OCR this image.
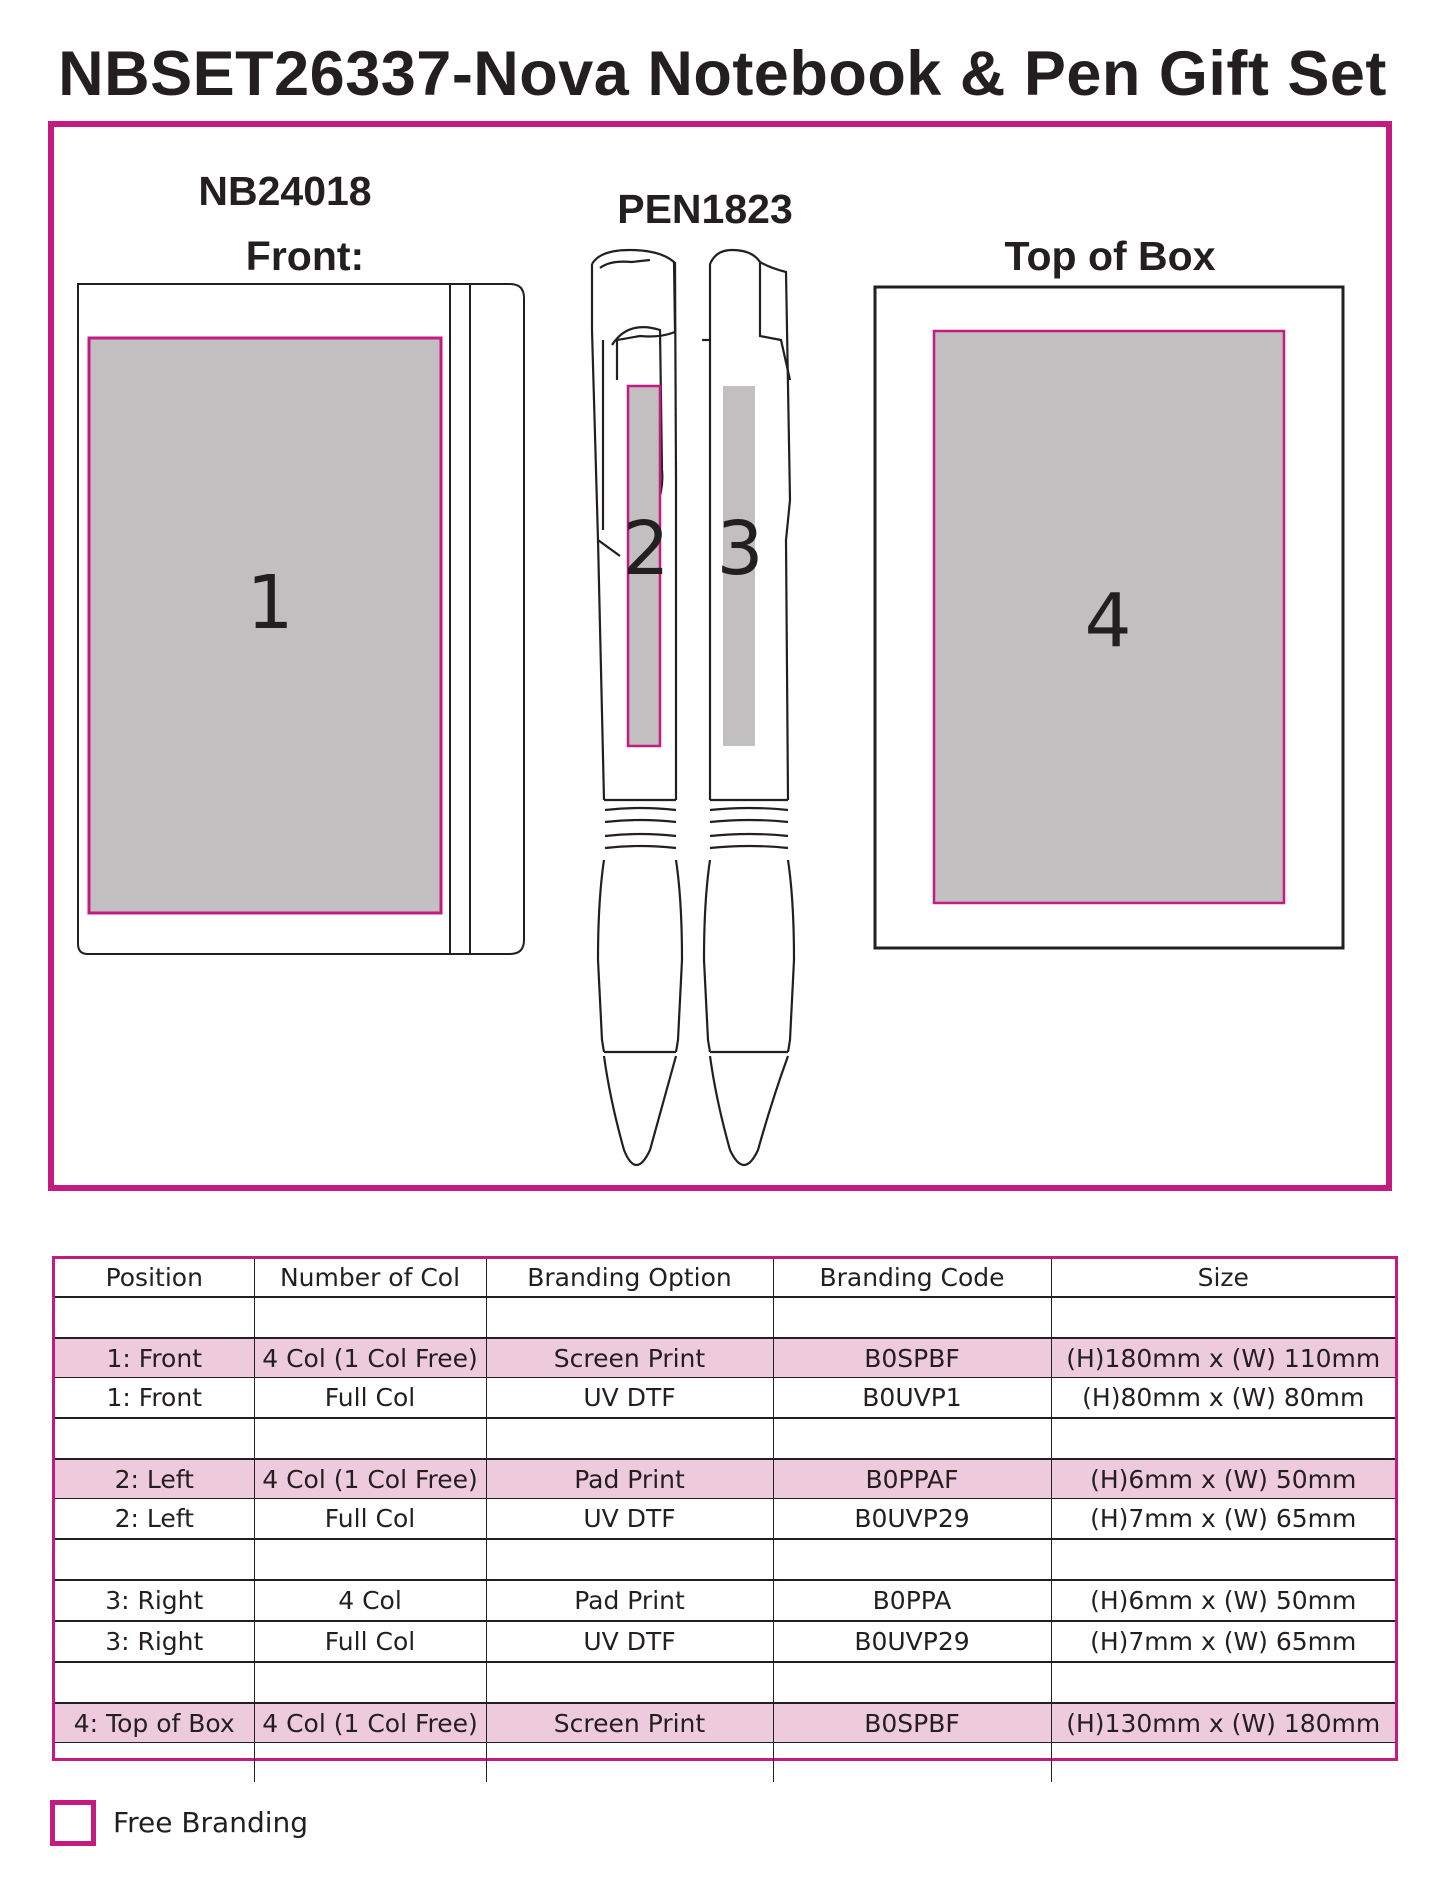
NBSET26337-Nova Notebook & Pen Gift Set
NB24018
Front:
PEN1823
Top of Box
1
2 3
4
Position	Number of Col	Branding Option	Branding Code	Size

1: Front	4 Col (1 Col Free)	Screen Print	B0SPBF	(H)180mm x (W) 110mm
1: Front	Full Col	UV DTF	B0UVP1	(H)80mm x (W) 80mm

2: Left	4 Col (1 Col Free)	Pad Print	B0PPAF	(H)6mm x (W) 50mm
2: Left	Full Col	UV DTF	B0UVP29	(H)7mm x (W) 65mm

3: Right	4 Col	Pad Print	B0PPA	(H)6mm x (W) 50mm
3: Right	Full Col	UV DTF	B0UVP29	(H)7mm x (W) 65mm

4: Top of Box	4 Col (1 Col Free)	Screen Print	B0SPBF	(H)130mm x (W) 180mm

Free Branding
